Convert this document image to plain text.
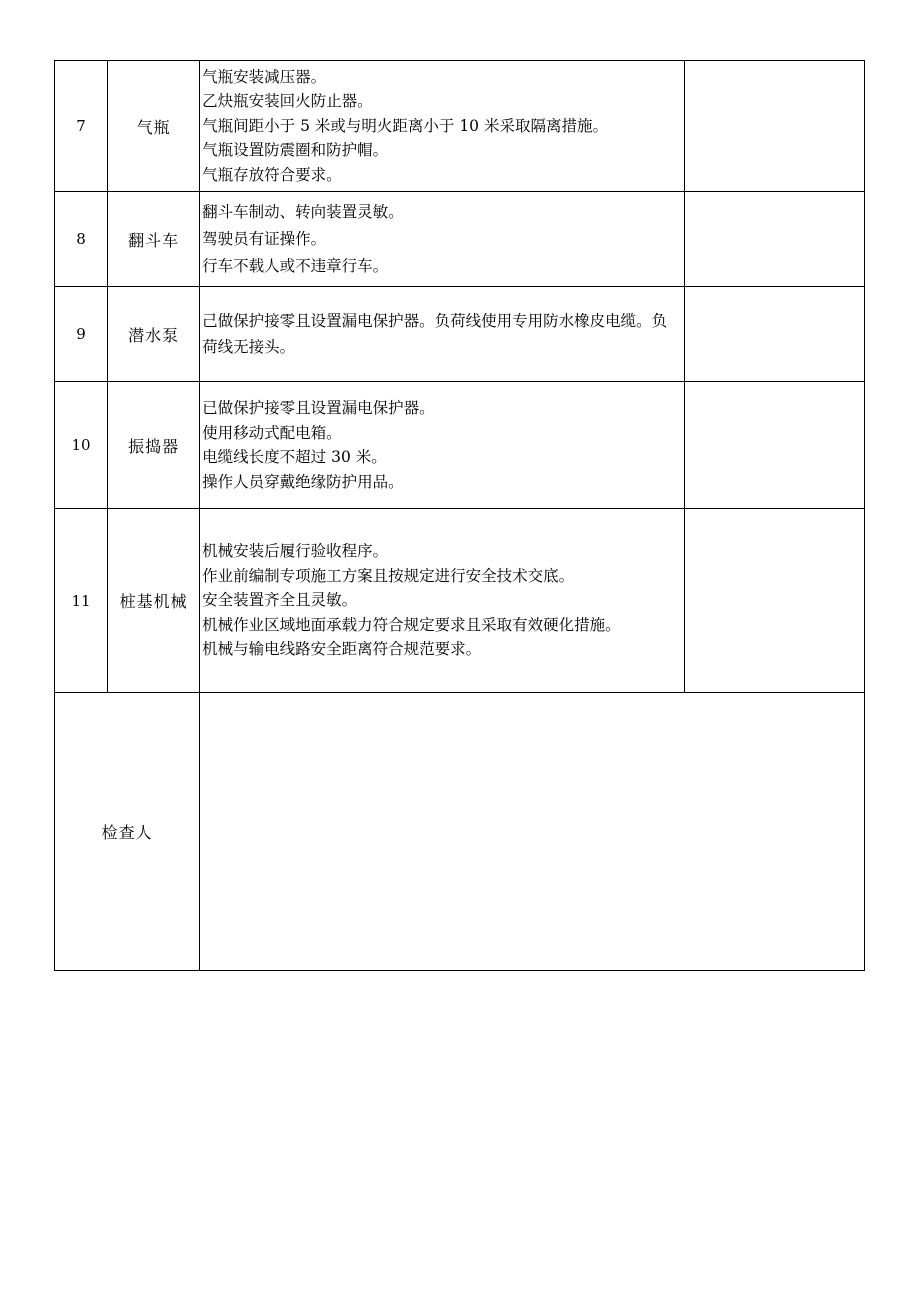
7	气瓶	气瓶安装减压器。
乙炔瓶安装回火防止器。
气瓶间距小于 5 米或与明火距离小于 10 米采取隔离措施。
气瓶设置防震圈和防护帽。
气瓶存放符合要求。	

8	翻斗车	翻斗车制动、转向装置灵敏。
驾驶员有证操作。
行车不载人或不违章行车。	

9	潜水泵	己做保护接零且设置漏电保护器。负荷线使用专用防水橡皮电缆。负荷线无接头。	

10	振捣器	已做保护接零且设置漏电保护器。
使用移动式配电箱。
电缆线长度不超过 30 米。
操作人员穿戴绝缘防护用品。	

11	桩基机械	机械安装后履行验收程序。
作业前编制专项施工方案且按规定进行安全技术交底。
安全装置齐全且灵敏。
机械作业区域地面承载力符合规定要求且采取有效硬化措施。
机械与输电线路安全距离符合规范要求。	

检查人			
